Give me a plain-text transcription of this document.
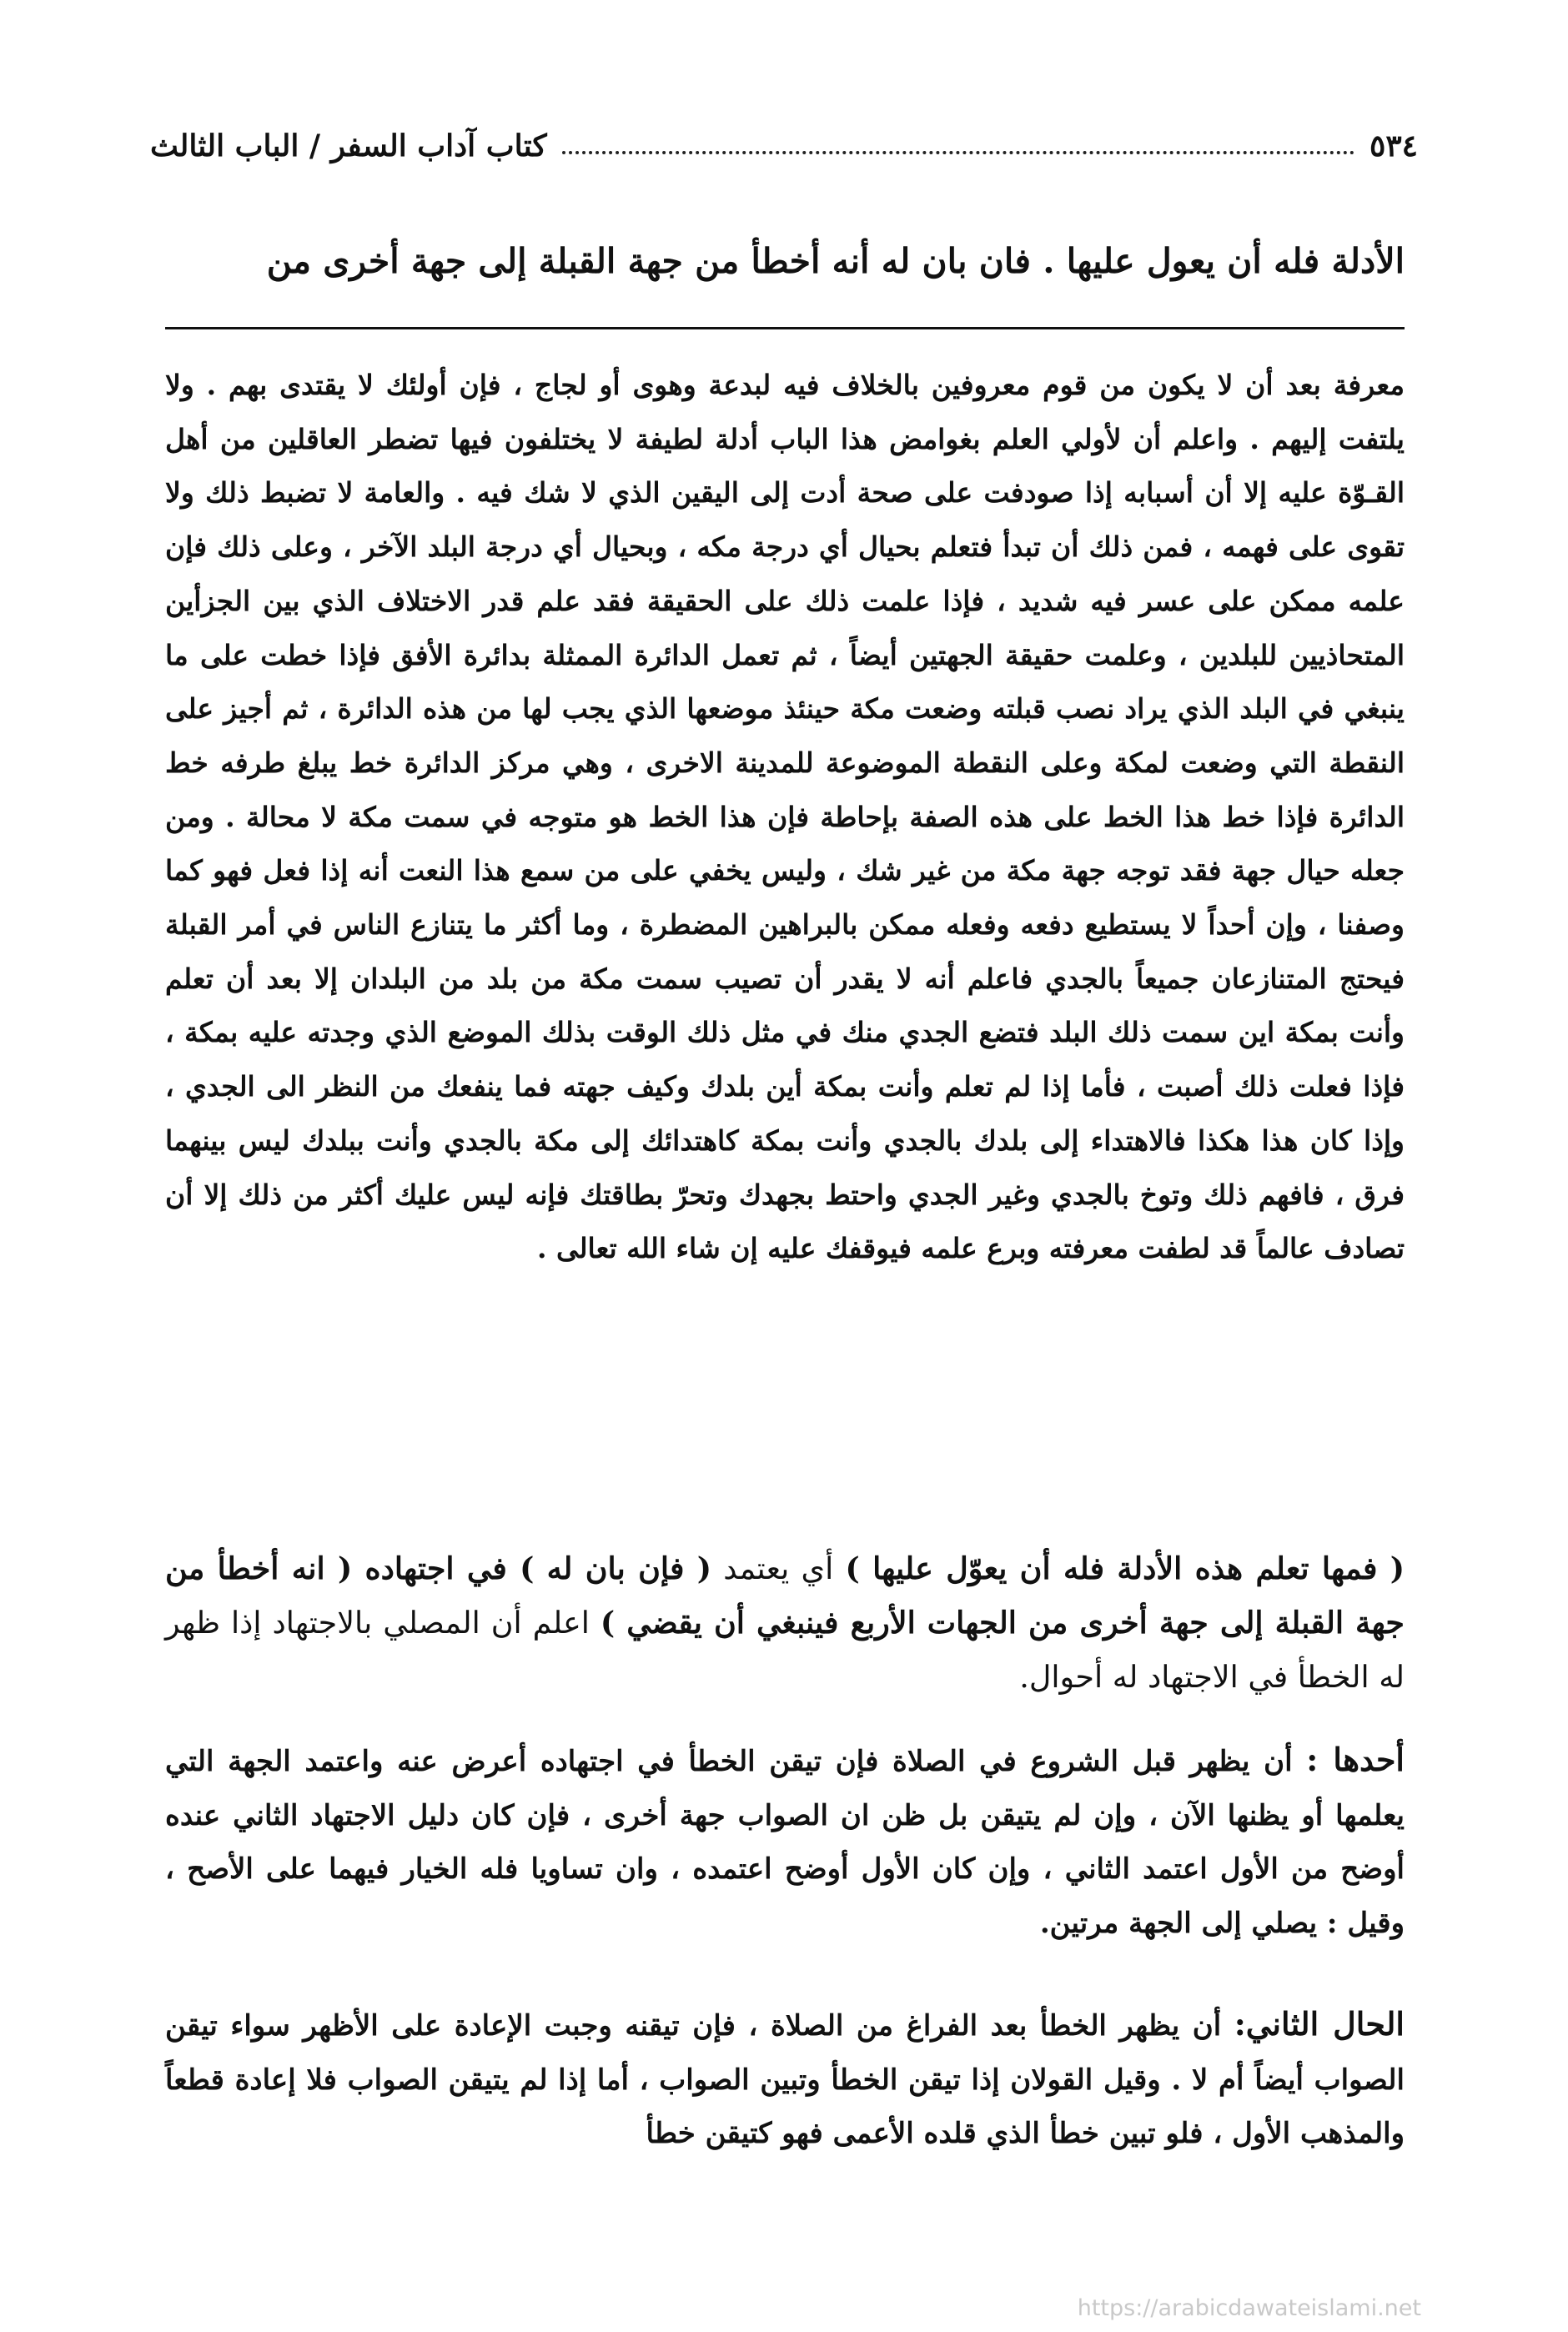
٥٣٤
كتاب آداب السفر / الباب الثالث

الأدلة فله أن يعول عليها . فان بان له أنه أخطأ من جهة القبلة إلى جهة أخرى من

معرفة بعد أن لا يكون من قوم معروفين بالخلاف فيه لبدعة وهوى أو لجاج ، فإن أولئك لا يقتدى بهم . ولا يلتفت إليهم . واعلم أن لأولي العلم بغوامض هذا الباب أدلة لطيفة لا يختلفون فيها تضطر العاقلين من أهل القـوّة عليه إلا أن أسبابه إذا صودفت على صحة أدت إلى اليقين الذي لا شك فيه . والعامة لا تضبط ذلك ولا تقوى على فهمه ، فمن ذلك أن تبدأ فتعلم بحيال أي درجة مكه ، وبحيال أي درجة البلد الآخر ، وعلى ذلك فإن علمه ممكن على عسر فيه شديد ، فإذا علمت ذلك على الحقيقة فقد علم قدر الاختلاف الذي بين الجزأين المتحاذيين للبلدين ، وعلمت حقيقة الجهتين أيضاً ، ثم تعمل الدائرة الممثلة بدائرة الأفق فإذا خطت على ما ينبغي في البلد الذي يراد نصب قبلته وضعت مكة حينئذ موضعها الذي يجب لها من هذه الدائرة ، ثم أجيز على النقطة التي وضعت لمكة وعلى النقطة الموضوعة للمدينة الاخرى ، وهي مركز الدائرة خط يبلغ طرفه خط الدائرة فإذا خط هذا الخط على هذه الصفة بإحاطة فإن هذا الخط هو متوجه في سمت مكة لا محالة . ومن جعله حيال جهة فقد توجه جهة مكة من غير شك ، وليس يخفي على من سمع هذا النعت أنه إذا فعل فهو كما وصفنا ، وإن أحداً لا يستطيع دفعه وفعله ممكن بالبراهين المضطرة ، وما أكثر ما يتنازع الناس في أمر القبلة فيحتج المتنازعان جميعاً بالجدي فاعلم أنه لا يقدر أن تصيب سمت مكة من بلد من البلدان إلا بعد أن تعلم وأنت بمكة اين سمت ذلك البلد فتضع الجدي منك في مثل ذلك الوقت بذلك الموضع الذي وجدته عليه بمكة ، فإذا فعلت ذلك أصبت ، فأما إذا لم تعلم وأنت بمكة أين بلدك وكيف جهته فما ينفعك من النظر الى الجدي ، وإذا كان هذا هكذا فالاهتداء إلى بلدك بالجدي وأنت بمكة كاهتدائك إلى مكة بالجدي وأنت ببلدك ليس بينهما فرق ، فافهم ذلك وتوخ بالجدي وغير الجدي واحتط بجهدك وتحرّ بطاقتك فإنه ليس عليك أكثر من ذلك إلا أن تصادف عالماً قد لطفت معرفته وبرع علمه فيوقفك عليه إن شاء الله تعالى .

( فمها تعلم هذه الأدلة فله أن يعوّل عليها ) أي يعتمد ( فإن بان له ) في اجتهاده ( انه أخطأ من جهة القبلة إلى جهة أخرى من الجهات الأربع فينبغي أن يقضي ) اعلم أن المصلي بالاجتهاد إذا ظهر له الخطأ في الاجتهاد له أحوال.

أحدها : أن يظهر قبل الشروع في الصلاة فإن تيقن الخطأ في اجتهاده أعرض عنه واعتمد الجهة التي يعلمها أو يظنها الآن ، وإن لم يتيقن بل ظن ان الصواب جهة أخرى ، فإن كان دليل الاجتهاد الثاني عنده أوضح من الأول اعتمد الثاني ، وإن كان الأول أوضح اعتمده ، وان تساويا فله الخيار فيهما على الأصح ، وقيل : يصلي إلى الجهة مرتين.

الحال الثاني: أن يظهر الخطأ بعد الفراغ من الصلاة ، فإن تيقنه وجبت الإعادة على الأظهر سواء تيقن الصواب أيضاً أم لا . وقيل القولان إذا تيقن الخطأ وتبين الصواب ، أما إذا لم يتيقن الصواب فلا إعادة قطعاً والمذهب الأول ، فلو تبين خطأ الذي قلده الأعمى فهو كتيقن خطأ

https://arabicdawateislami.net
